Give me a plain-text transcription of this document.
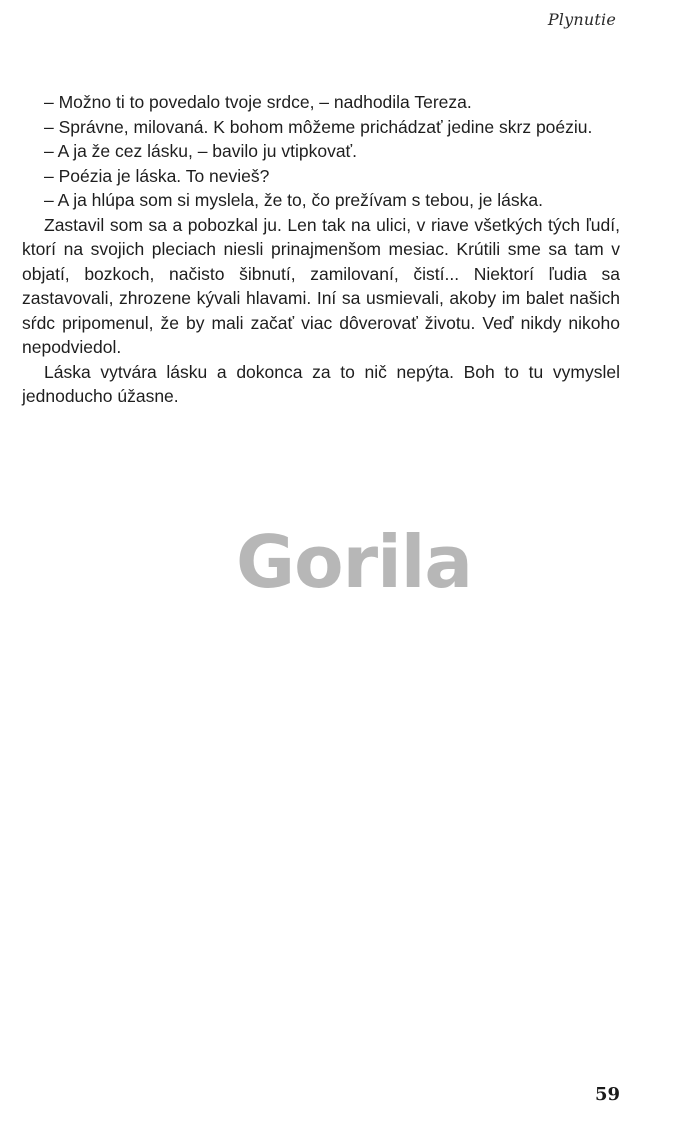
Plynutie

– Možno ti to povedalo tvoje srdce, – nadhodila Tereza.

– Správne, milovaná. K bohom môžeme prichádzať jedine skrz poéziu.

– A ja že cez lásku, – bavilo ju vtipkovať.

– Poézia je láska. To nevieš?

– A ja hlúpa som si myslela, že to, čo prežívam s tebou, je láska.

Zastavil som sa a pobozkal ju. Len tak na ulici, v riave všetkých tých ľudí, ktorí na svojich pleciach niesli prinajmenšom mesiac. Krútili sme sa tam v objatí, bozkoch, načisto šibnutí, zamilovaní, čistí... Niektorí ľudia sa zastavovali, zhrozene kývali hlavami. Iní sa usmievali, akoby im balet našich sŕdc pripomenul, že by mali začať viac dôverovať životu. Veď nikdy nikoho nepodviedol.

Láska vytvára lásku a dokonca za to nič nepýta. Boh to tu vymyslel jednoducho úžasne.

Gorila
59
